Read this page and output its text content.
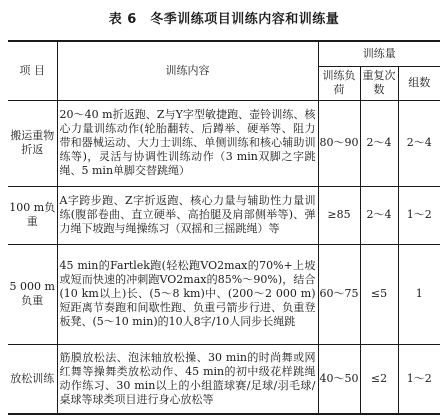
表 6　冬季训练项目训练内容和训练量
项 目	训练内容	训练量		
		训练负荷	重复次数	组数
搬运重物折返	20～40 m折返跑、Z与Y字型敏捷跑、壶铃训练、核心力量训练动作(轮胎翻转、后蹲举、硬举等、阻力带和器械运动、大力士训练、单侧训练和核心辅助训练等)，灵活与协调性训练动作（3 min双脚之字跳绳、5 min单脚交替跳绳）	80～90	2～4	2～4
100 m负重	A字跨步跑、Z字折返跑、核心力量与辅助性力量训练(腹部卷曲、直立硬举、高抬腿及肩部侧举等)、弹力绳下坡跑与绳操练习（双摇和三摇跳绳）等	≥85	2～4	1～2
5 000 m负重	45 min的Fartlek跑(轻松跑VO2max的70%+上坡或短而快速的冲刺跑VO2max的85%～90%)，结合(10 km以上)长、(5～8 km)中、(200～2 000 m)短距离节奏跑和间歇性跑、负重弓箭步行进、负重登板凳、(5～10 min)的10人8字/10人同步长绳跳	60～75	≤5	1
放松训练	筋膜放松法、泡沫轴放松操、30 min的时尚舞或网红舞等操舞类放松动作、45 min的初中级花样跳绳动作练习、30 min以上的小组篮球赛/足球/羽毛球/桌球等球类项目进行身心放松等	40～50	≤2	1～2
